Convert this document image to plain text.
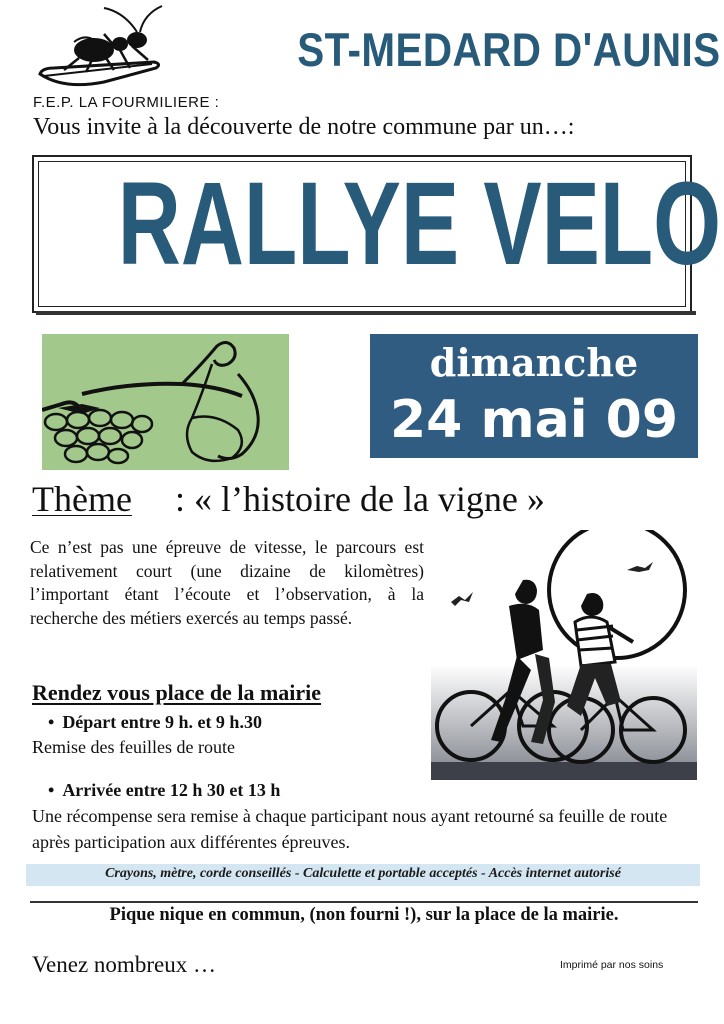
ST-MEDARD D'AUNIS
F.E.P. LA FOURMILIERE :
Vous invite à la découverte de notre commune par un…:
RALLYE VELO
dimanche
24 mai 09
Thème : « l’histoire de la vigne »
Ce n’est pas une épreuve de vitesse, le parcours est relativement court (une dizaine de kilomètres) l’important étant l’écoute et l’observation, à la recherche des métiers exercés au temps passé.
Rendez vous place de la mairie
• Départ entre 9 h. et 9 h.30
Remise des feuilles de route
• Arrivée entre 12 h 30 et 13 h
Une récompense sera remise à chaque participant nous ayant retourné sa feuille de route après participation aux différentes épreuves.
Crayons, mètre, corde conseillés - Calculette et portable acceptés - Accès internet autorisé
Pique nique en commun, (non fourni !), sur la place de la mairie.
Venez nombreux …	Imprimé par nos soins
